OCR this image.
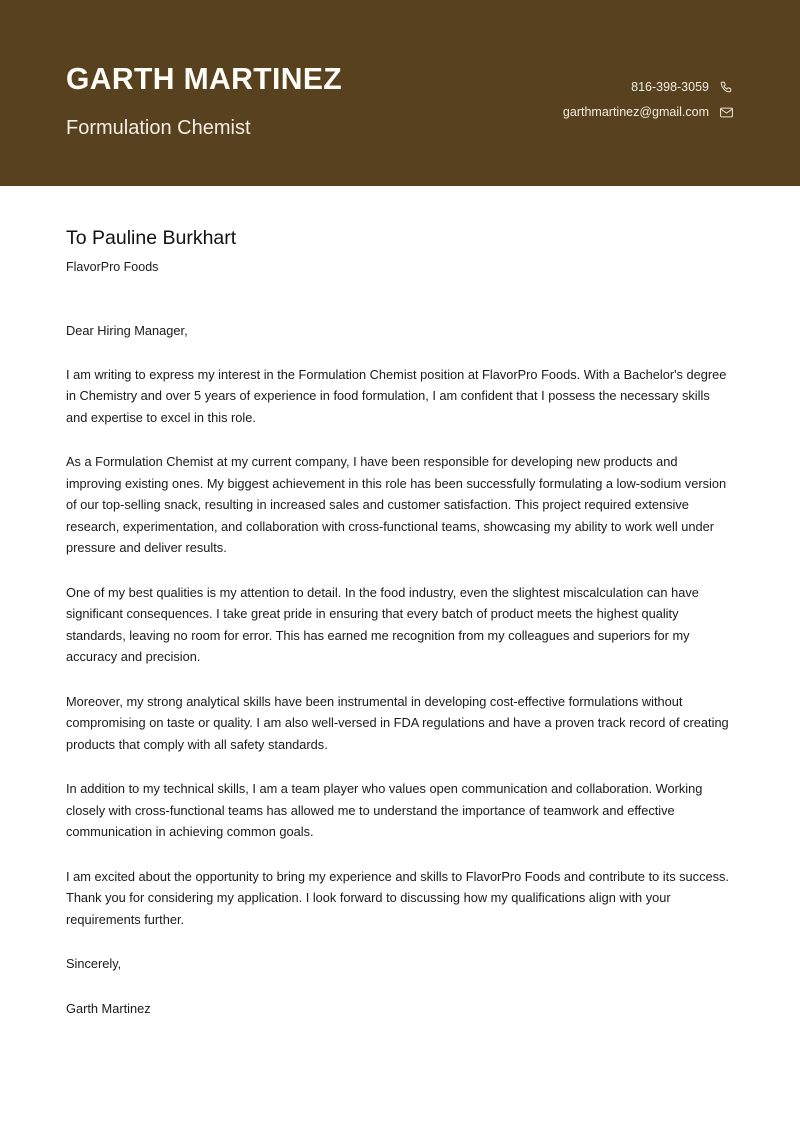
GARTH MARTINEZ
Formulation Chemist
816-398-3059
garthmartinez@gmail.com
To Pauline Burkhart
FlavorPro Foods
Dear Hiring Manager,

I am writing to express my interest in the Formulation Chemist position at FlavorPro Foods. With a Bachelor's degree in Chemistry and over 5 years of experience in food formulation, I am confident that I possess the necessary skills and expertise to excel in this role.

As a Formulation Chemist at my current company, I have been responsible for developing new products and improving existing ones. My biggest achievement in this role has been successfully formulating a low-sodium version of our top-selling snack, resulting in increased sales and customer satisfaction. This project required extensive research, experimentation, and collaboration with cross-functional teams, showcasing my ability to work well under pressure and deliver results.

One of my best qualities is my attention to detail. In the food industry, even the slightest miscalculation can have significant consequences. I take great pride in ensuring that every batch of product meets the highest quality standards, leaving no room for error. This has earned me recognition from my colleagues and superiors for my accuracy and precision.

Moreover, my strong analytical skills have been instrumental in developing cost-effective formulations without compromising on taste or quality. I am also well-versed in FDA regulations and have a proven track record of creating products that comply with all safety standards.

In addition to my technical skills, I am a team player who values open communication and collaboration. Working closely with cross-functional teams has allowed me to understand the importance of teamwork and effective communication in achieving common goals.

I am excited about the opportunity to bring my experience and skills to FlavorPro Foods and contribute to its success. Thank you for considering my application. I look forward to discussing how my qualifications align with your requirements further.

Sincerely,
Garth Martinez
